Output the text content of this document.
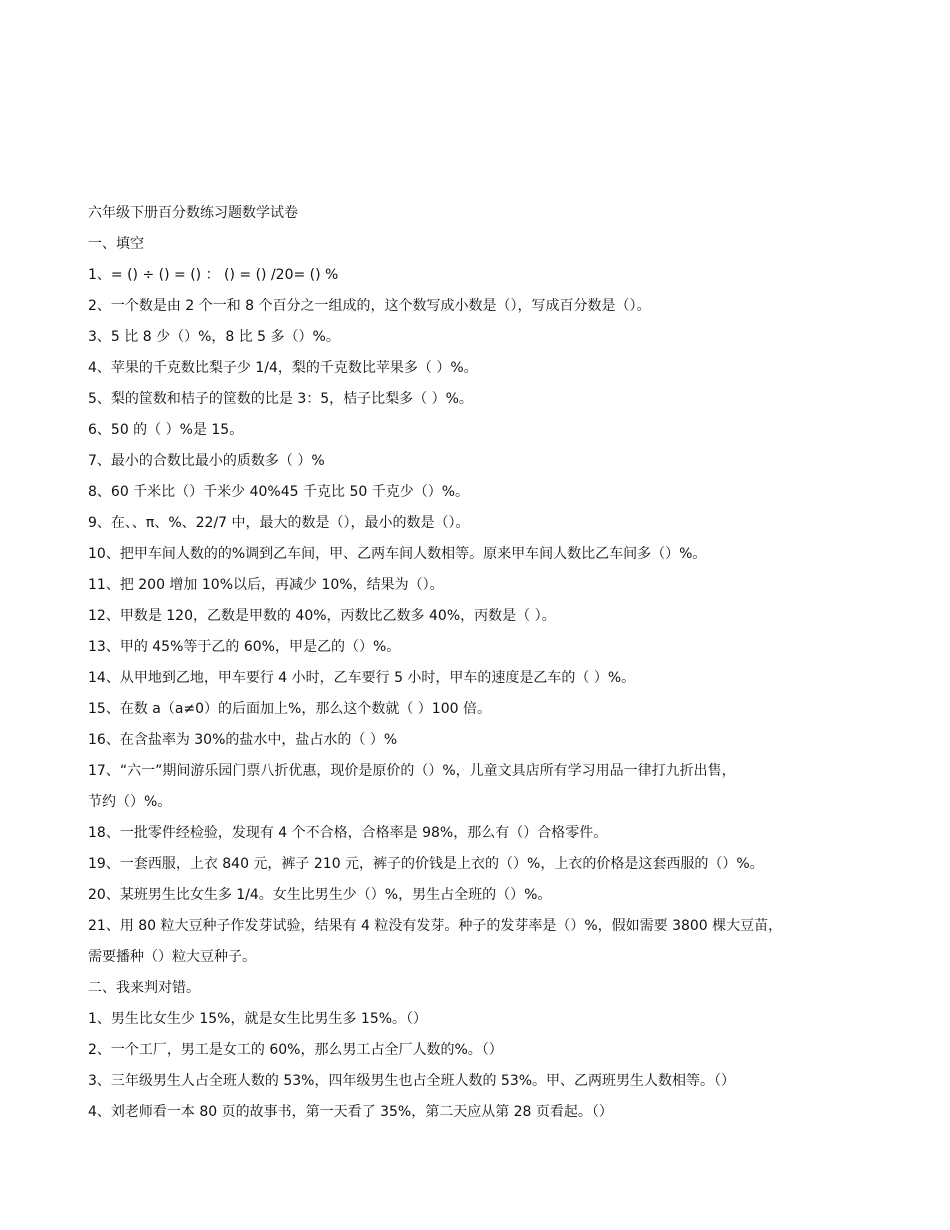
六年级下册百分数练习题数学试卷
一、填空
1、= () ÷ () = () ： () = () /20= () %
2、一个数是由 2 个一和 8 个百分之一组成的，这个数写成小数是（），写成百分数是（）。
3、5 比 8 少（）%，8 比 5 多（）%。
4、苹果的千克数比梨子少 1/4，梨的千克数比苹果多（ ）%。
5、梨的筐数和桔子的筐数的比是 3：5，桔子比梨多（ ）%。
6、50 的（ ）%是 15。
7、最小的合数比最小的质数多（ ）%
8、60 千米比（）千米少 40%45 千克比 50 千克少（）%。
9、在、、π、%、22/7 中，最大的数是（），最小的数是（）。
10、把甲车间人数的的%调到乙车间，甲、乙两车间人数相等。原来甲车间人数比乙车间多（）%。
11、把 200 增加 10%以后，再减少 10%，结果为（）。
12、甲数是 120，乙数是甲数的 40%，丙数比乙数多 40%，丙数是（ ）。
13、甲的 45%等于乙的 60%，甲是乙的（）%。
14、从甲地到乙地，甲车要行 4 小时，乙车要行 5 小时，甲车的速度是乙车的（ ）%。
15、在数 a（a≠0）的后面加上%，那么这个数就（ ）100 倍。
16、在含盐率为 30%的盐水中，盐占水的（ ）%
17、“六一”期间游乐园门票八折优惠，现价是原价的（）%，儿童文具店所有学习用品一律打九折出售，
节约（）%。
18、一批零件经检验，发现有 4 个不合格，合格率是 98%，那么有（）合格零件。
19、一套西服，上衣 840 元，裤子 210 元，裤子的价钱是上衣的（）%，上衣的价格是这套西服的（）%。
20、某班男生比女生多 1/4。女生比男生少（）%，男生占全班的（）%。
21、用 80 粒大豆种子作发芽试验，结果有 4 粒没有发芽。种子的发芽率是（）%，假如需要 3800 棵大豆苗，
需要播种（）粒大豆种子。
二、我来判对错。
1、男生比女生少 15%，就是女生比男生多 15%。（）
2、一个工厂，男工是女工的 60%，那么男工占全厂人数的%。（）
3、三年级男生人占全班人数的 53%，四年级男生也占全班人数的 53%。甲、乙两班男生人数相等。（）
4、刘老师看一本 80 页的故事书，第一天看了 35%，第二天应从第 28 页看起。（）
